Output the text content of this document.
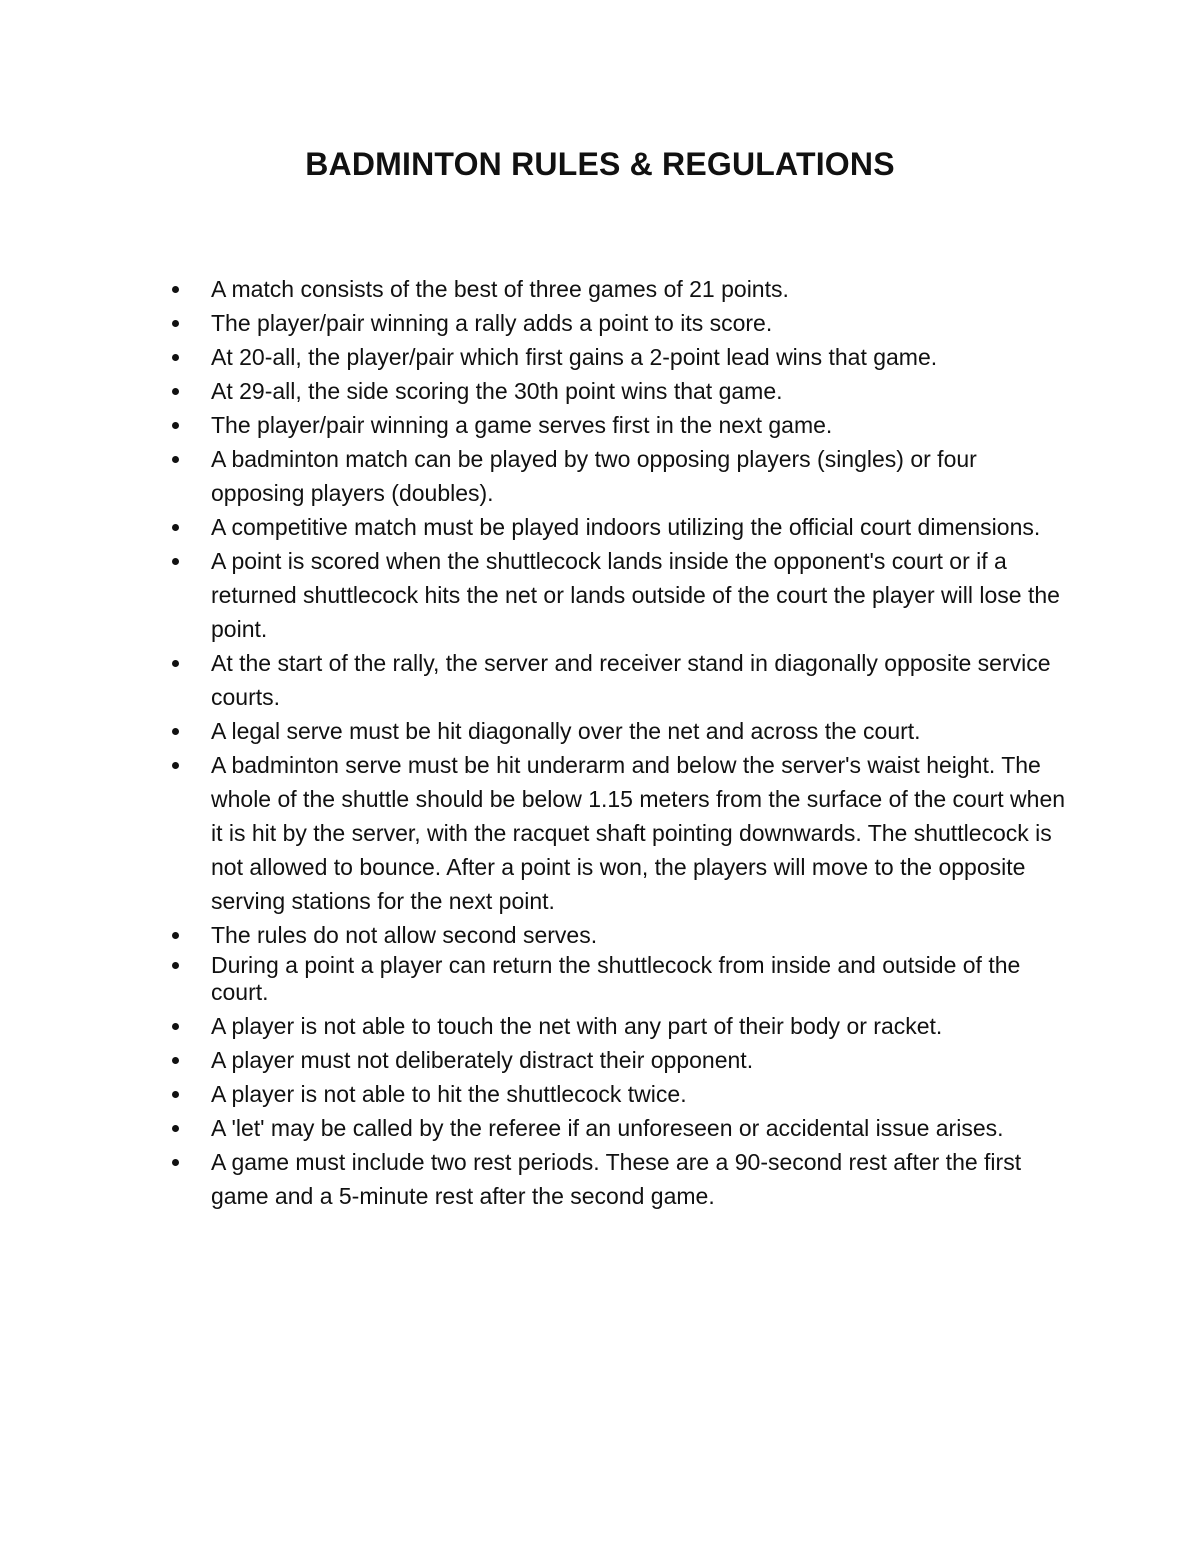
BADMINTON RULES & REGULATIONS
A match consists of the best of three games of 21 points.
The player/pair winning a rally adds a point to its score.
At 20-all, the player/pair which first gains a 2-point lead wins that game.
At 29-all, the side scoring the 30th point wins that game.
The player/pair winning a game serves first in the next game.
A badminton match can be played by two opposing players (singles) or four opposing players (doubles).
A competitive match must be played indoors utilizing the official court dimensions.
A point is scored when the shuttlecock lands inside the opponent's court or if a returned shuttlecock hits the net or lands outside of the court the player will lose the point.
At the start of the rally, the server and receiver stand in diagonally opposite service courts.
A legal serve must be hit diagonally over the net and across the court.
A badminton serve must be hit underarm and below the server's waist height. The whole of the shuttle should be below 1.15 meters from the surface of the court when it is hit by the server, with the racquet shaft pointing downwards. The shuttlecock is not allowed to bounce. After a point is won, the players will move to the opposite serving stations for the next point.
The rules do not allow second serves.
During a point a player can return the shuttlecock from inside and outside of the court.
A player is not able to touch the net with any part of their body or racket.
A player must not deliberately distract their opponent.
A player is not able to hit the shuttlecock twice.
A 'let' may be called by the referee if an unforeseen or accidental issue arises.
A game must include two rest periods. These are a 90-second rest after the first game and a 5-minute rest after the second game.
